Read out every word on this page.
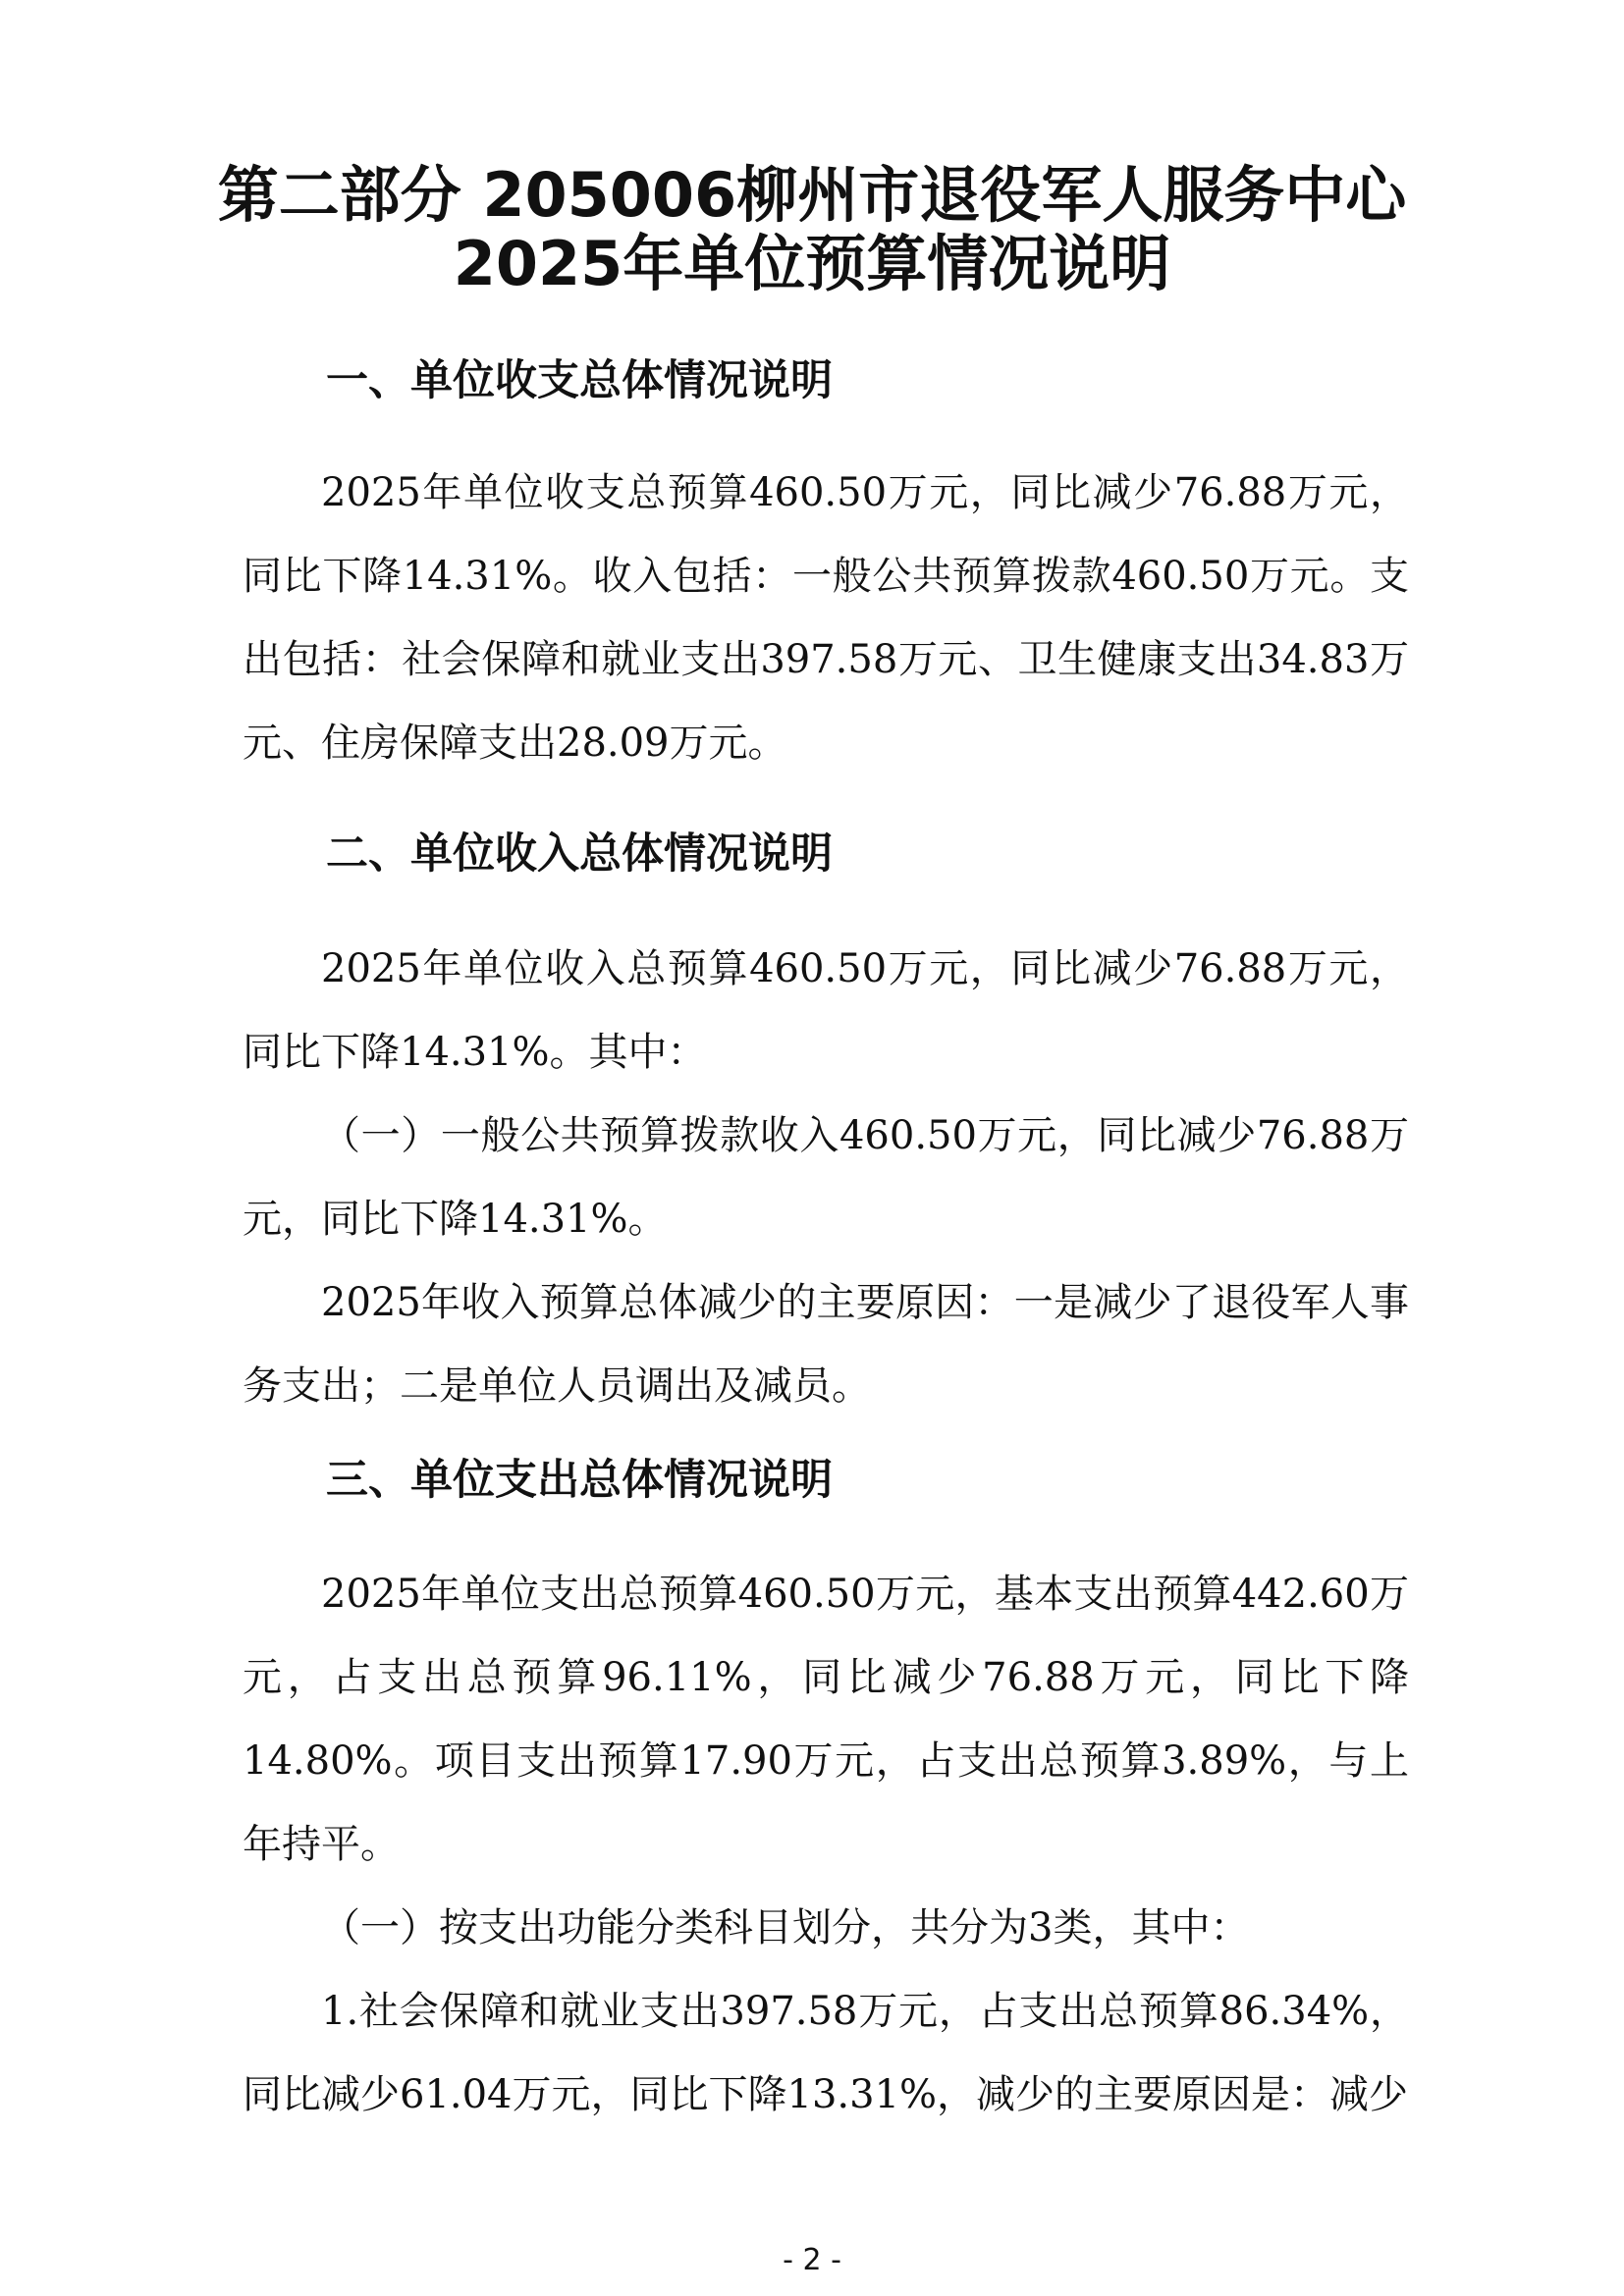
第二部分 205006柳州市退役军人服务中心
2025年单位预算情况说明
一、单位收支总体情况说明

2025年单位收支总预算460.50万元，同比减少76.88万元，同比下降14.31%。收入包括：一般公共预算拨款460.50万元。支出包括：社会保障和就业支出397.58万元、卫生健康支出34.83万元、住房保障支出28.09万元。

二、单位收入总体情况说明

2025年单位收入总预算460.50万元，同比减少76.88万元，同比下降14.31%。其中：

（一）一般公共预算拨款收入460.50万元，同比减少76.88万元，同比下降14.31%。

2025年收入预算总体减少的主要原因：一是减少了退役军人事务支出；二是单位人员调出及减员。

三、单位支出总体情况说明

2025年单位支出总预算460.50万元，基本支出预算442.60万元，占支出总预算96.11%，同比减少76.88万元，同比下降14.80%。项目支出预算17.90万元，占支出总预算3.89%，与上年持平。

（一）按支出功能分类科目划分，共分为3类，其中：

1.社会保障和就业支出397.58万元，占支出总预算86.34%，同比减少61.04万元，同比下降13.31%，减少的主要原因是：减少

- 2 -
